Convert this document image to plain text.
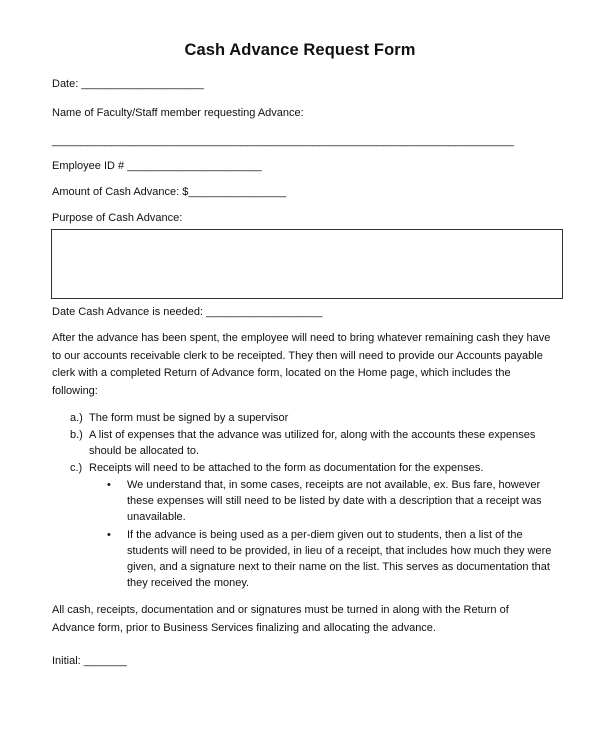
Cash Advance Request Form
Date: ____________________
Name of Faculty/Staff member requesting Advance:
______________________________________________________________________________
Employee ID # ______________________
Amount of Cash Advance: $________________
Purpose of Cash Advance:
Date Cash Advance is needed: ___________________
After the advance has been spent, the employee will need to bring whatever remaining cash they have to our accounts receivable clerk to be receipted. They then will need to provide our Accounts payable clerk with a completed Return of Advance form, located on the Home page, which includes the following:
a.) The form must be signed by a supervisor
b.) A list of expenses that the advance was utilized for, along with the accounts these expenses should be allocated to.
c.) Receipts will need to be attached to the form as documentation for the expenses.
• We understand that, in some cases, receipts are not available, ex. Bus fare, however these expenses will still need to be listed by date with a description that a receipt was unavailable.
• If the advance is being used as a per-diem given out to students, then a list of the students will need to be provided, in lieu of a receipt, that includes how much they were given, and a signature next to their name on the list. This serves as documentation that they received the money.
All cash, receipts, documentation and or signatures must be turned in along with the Return of Advance form, prior to Business Services finalizing and allocating the advance.
Initial: _______
